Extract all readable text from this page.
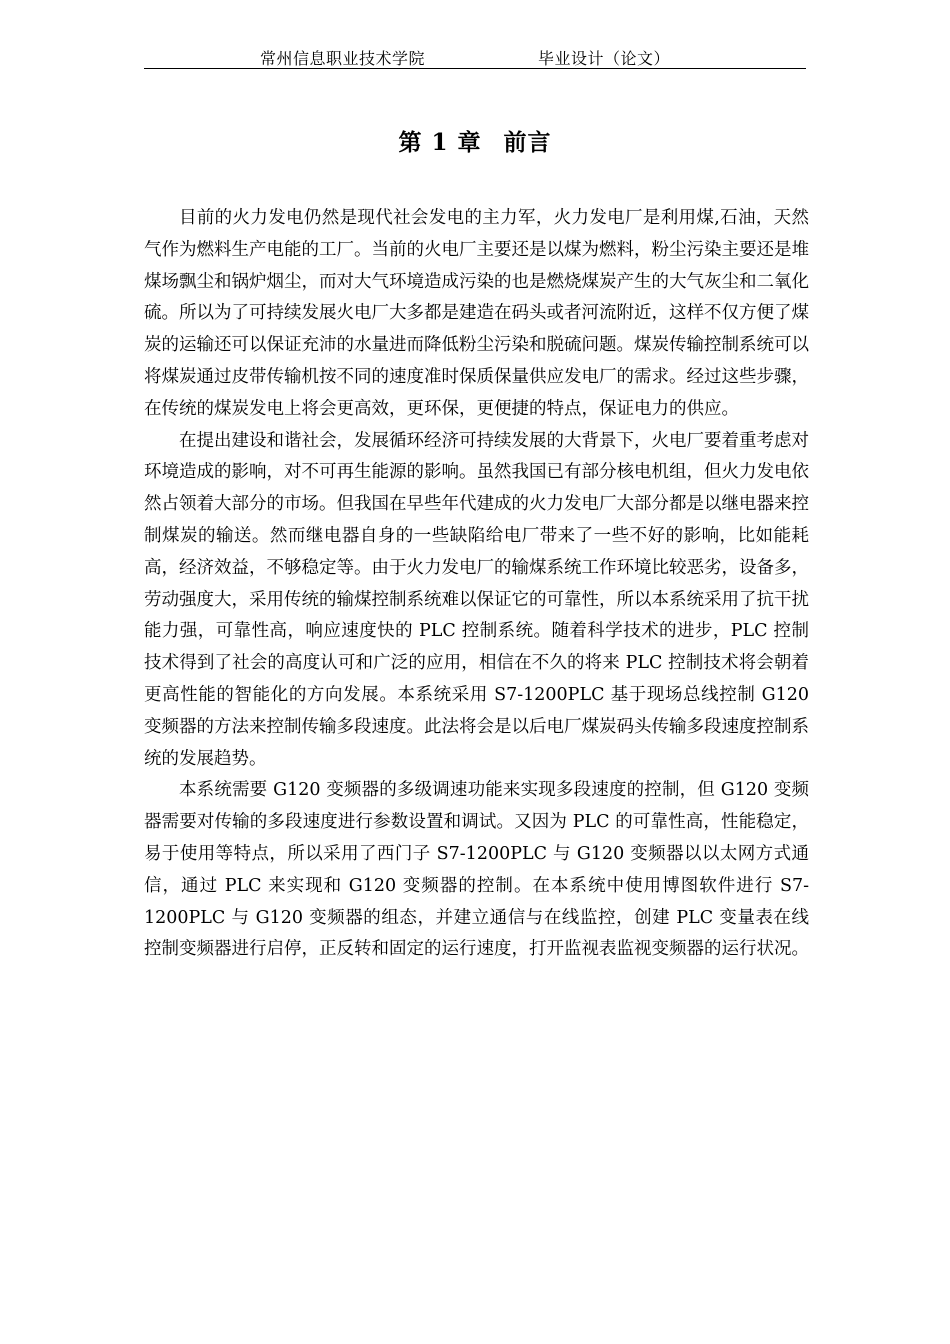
常州信息职业技术学院	毕业设计（论文）
第 1 章 前言

目前的火力发电仍然是现代社会发电的主力军，火力发电厂是利用煤,石油，天然气作为燃料生产电能的工厂。当前的火电厂主要还是以煤为燃料，粉尘污染主要还是堆煤场飘尘和锅炉烟尘，而对大气环境造成污染的也是燃烧煤炭产生的大气灰尘和二氧化硫。所以为了可持续发展火电厂大多都是建造在码头或者河流附近，这样不仅方便了煤炭的运输还可以保证充沛的水量进而降低粉尘污染和脱硫问题。煤炭传输控制系统可以将煤炭通过皮带传输机按不同的速度准时保质保量供应发电厂的需求。经过这些步骤，在传统的煤炭发电上将会更高效，更环保，更便捷的特点，保证电力的供应。

在提出建设和谐社会，发展循环经济可持续发展的大背景下，火电厂要着重考虑对环境造成的影响，对不可再生能源的影响。虽然我国已有部分核电机组，但火力发电依然占领着大部分的市场。但我国在早些年代建成的火力发电厂大部分都是以继电器来控制煤炭的输送。然而继电器自身的一些缺陷给电厂带来了一些不好的影响，比如能耗高，经济效益，不够稳定等。由于火力发电厂的输煤系统工作环境比较恶劣，设备多，劳动强度大，采用传统的输煤控制系统难以保证它的可靠性，所以本系统采用了抗干扰能力强，可靠性高，响应速度快的 PLC 控制系统。随着科学技术的进步，PLC 控制技术得到了社会的高度认可和广泛的应用，相信在不久的将来 PLC 控制技术将会朝着更高性能的智能化的方向发展。本系统采用 S7-1200PLC 基于现场总线控制 G120 变频器的方法来控制传输多段速度。此法将会是以后电厂煤炭码头传输多段速度控制系统的发展趋势。

本系统需要 G120 变频器的多级调速功能来实现多段速度的控制，但 G120 变频器需要对传输的多段速度进行参数设置和调试。又因为 PLC 的可靠性高，性能稳定，易于使用等特点，所以采用了西门子 S7-1200PLC 与 G120 变频器以以太网方式通信，通过 PLC 来实现和 G120 变频器的控制。在本系统中使用博图软件进行 S7-1200PLC 与 G120 变频器的组态，并建立通信与在线监控，创建 PLC 变量表在线控制变频器进行启停，正反转和固定的运行速度，打开监视表监视变频器的运行状况。
